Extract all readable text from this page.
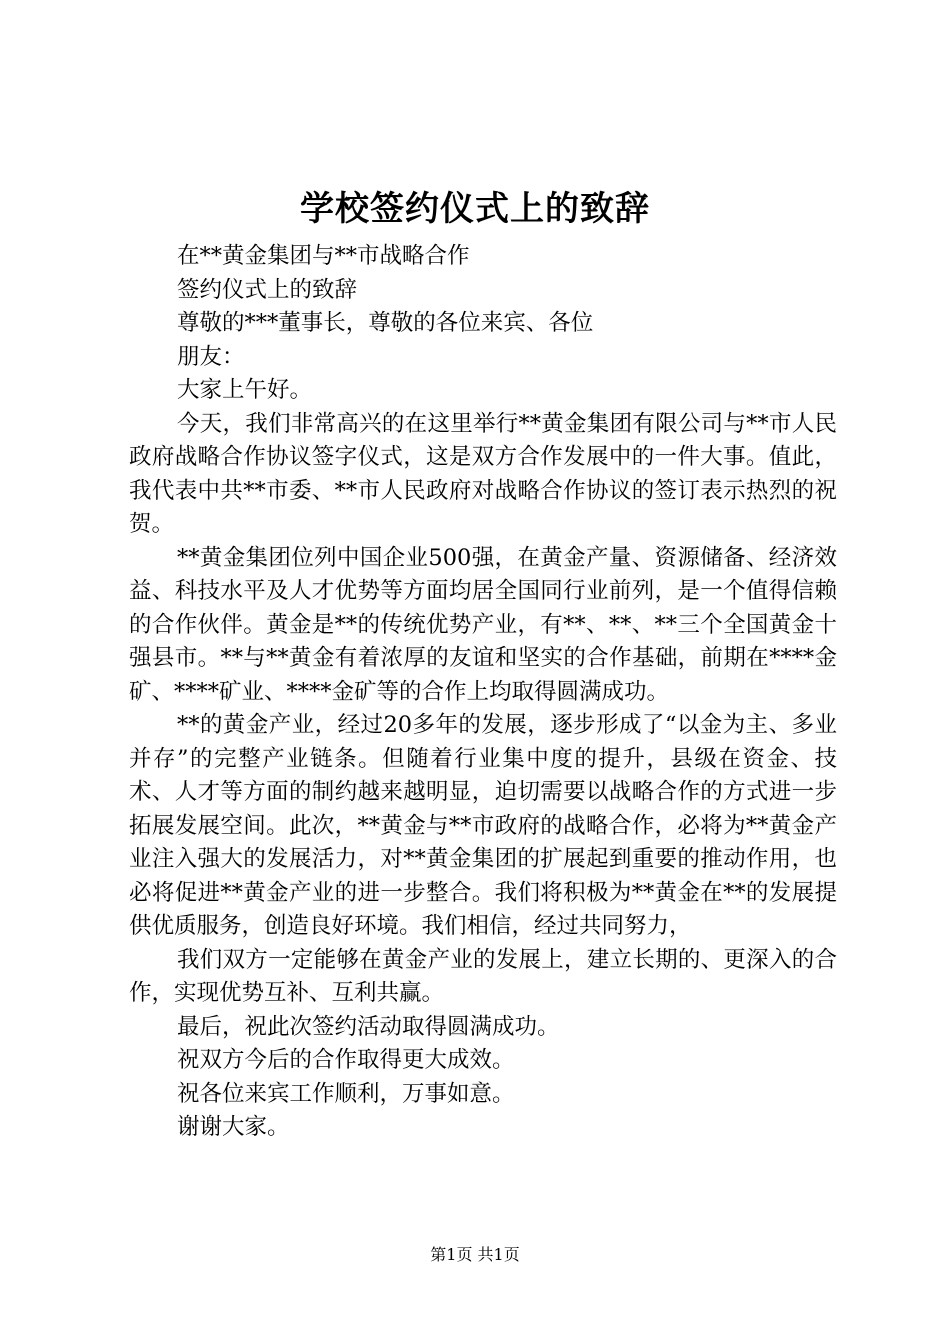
学校签约仪式上的致辞
在**黄金集团与**市战略合作
签约仪式上的致辞
尊敬的***董事长，尊敬的各位来宾、各位
朋友：
大家上午好。

今天，我们非常高兴的在这里举行**黄金集团有限公司与**市人民政府战略合作协议签字仪式，这是双方合作发展中的一件大事。值此，我代表中共**市委、**市人民政府对战略合作协议的签订表示热烈的祝贺。

**黄金集团位列中国企业500强，在黄金产量、资源储备、经济效益、科技水平及人才优势等方面均居全国同行业前列，是一个值得信赖的合作伙伴。黄金是**的传统优势产业，有**、**、**三个全国黄金十强县市。**与**黄金有着浓厚的友谊和坚实的合作基础，前期在****金矿、****矿业、****金矿等的合作上均取得圆满成功。

**的黄金产业，经过20多年的发展，逐步形成了“以金为主、多业并存”的完整产业链条。但随着行业集中度的提升，县级在资金、技术、人才等方面的制约越来越明显，迫切需要以战略合作的方式进一步拓展发展空间。此次，**黄金与**市政府的战略合作，必将为**黄金产业注入强大的发展活力，对**黄金集团的扩展起到重要的推动作用，也必将促进**黄金产业的进一步整合。我们将积极为**黄金在**的发展提供优质服务，创造良好环境。我们相信，经过共同努力，

我们双方一定能够在黄金产业的发展上，建立长期的、更深入的合作，实现优势互补、互利共赢。

最后，祝此次签约活动取得圆满成功。
祝双方今后的合作取得更大成效。
祝各位来宾工作顺利，万事如意。
谢谢大家。
第1页 共1页
